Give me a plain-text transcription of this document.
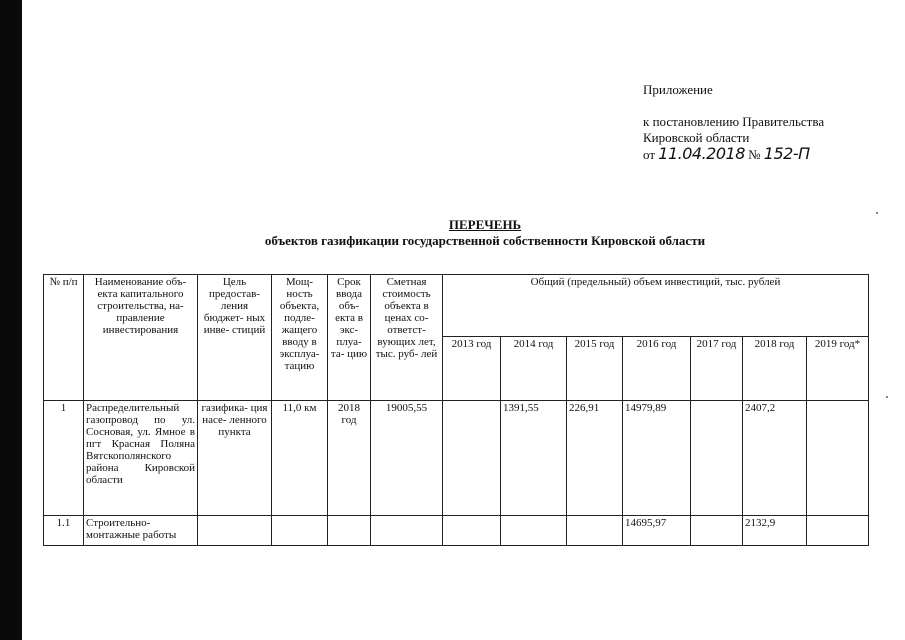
Приложение
к постановлению Правительства
Кировской области
от 11.04.2018 № 152-П
ПЕРЕЧЕНЬ
объектов газификации государственной собственности Кировской области
№ п/п	Наименование объ- екта капитального строительства, на- правление инвестирования	Цель предостав- ления бюджет- ных инве- стиций	Мощ- ность объекта, подле- жащего вводу в эксплуа- тацию	Срок ввода объ- екта в экс- плуа- та- цию	Сметная стоимость объекта в ценах со- ответст- вующих лет, тыс. руб- лей	Общий (предельный) объем инвестиций, тыс. рублей						
						2013 год	2014 год	2015 год	2016 год	2017 год	2018 год	2019 год*
1	Распределительный газопровод по ул. Сосновая, ул. Ямное в пгт Красная Поляна Вятскополянского района Кировской области	газифика- ция насе- ленного пункта	11,0 км	2018 год	19005,55		1391,55	226,91	14979,89		2407,2	
1.1	Строительно- монтажные работы								14695,97		2132,9	
